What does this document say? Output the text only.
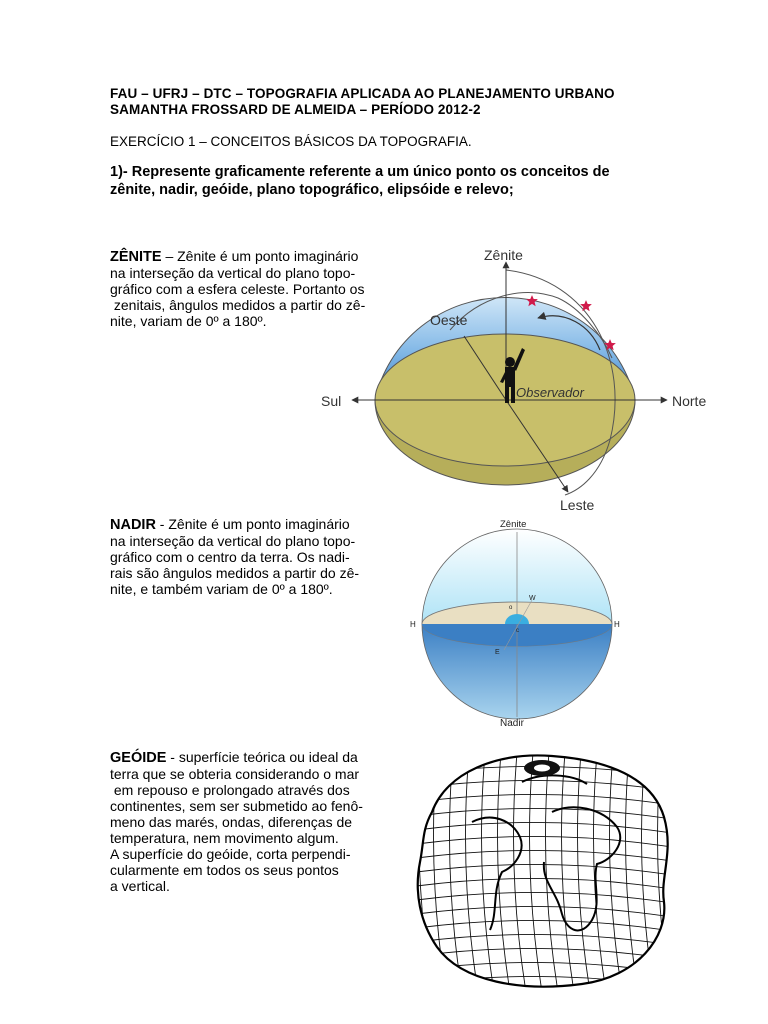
FAU – UFRJ – DTC – TOPOGRAFIA APLICADA AO PLANEJAMENTO URBANO
SAMANTHA FROSSARD DE ALMEIDA – PERÍODO 2012-2
EXERCÍCIO 1 – CONCEITOS BÁSICOS DA TOPOGRAFIA.
1)- Represente graficamente referente a um único ponto os conceitos de
zênite, nadir, geóide, plano topográfico, elipsóide e relevo;
ZÊNITE – Zênite é um ponto imaginário
na interseção da vertical do plano topo-
gráfico com a esfera celeste. Portanto os
zenitais, ângulos medidos a partir do zê-
nite, variam de 0º a 180º.
Zênite
Oeste
Observador
Sul	Norte
Leste
NADIR - Zênite é um ponto imaginário
na interseção da vertical do plano topo-
gráfico com o centro da terra. Os nadi-
rais são ângulos medidos a partir do zê-
nite, e também variam de 0º a 180º.
Zênite
Nadir
H	H
W
E
o
c
GEÓIDE - superfície teórica ou ideal da
terra que se obteria considerando o mar
em repouso e prolongado através dos
continentes, sem ser submetido ao fenô-
meno das marés, ondas, diferenças de
temperatura, nem movimento algum.
A superfície do geóide, corta perpendi-
cularmente em todos os seus pontos
a vertical.
